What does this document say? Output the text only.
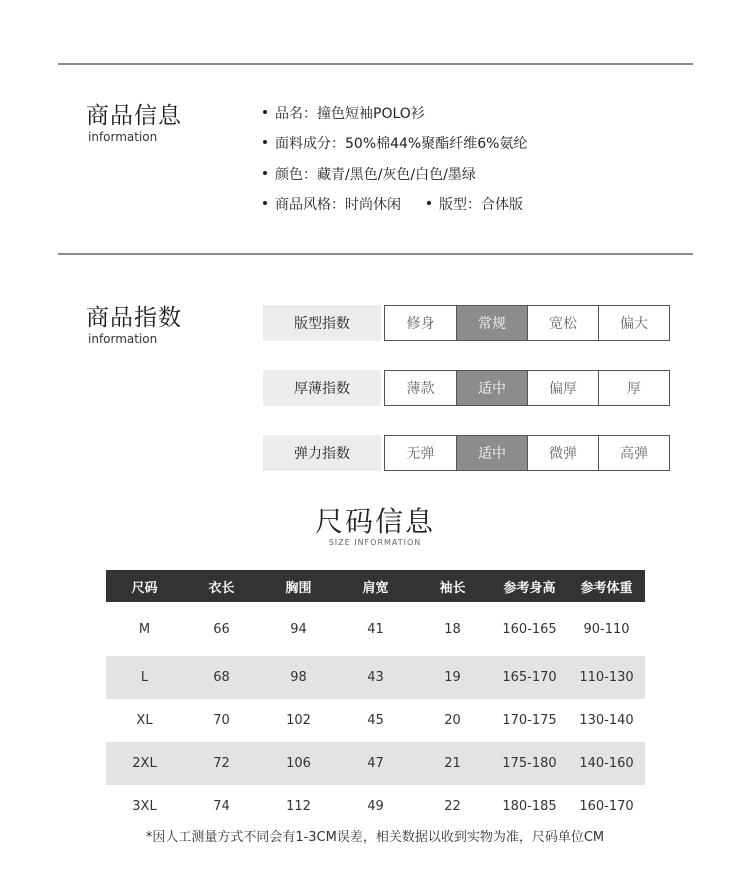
商品信息
information
品名：撞色短袖POLO衫
面料成分：50%棉44%聚酯纤维6%氨纶
颜色：藏青/黑色/灰色/白色/墨绿
商品风格：时尚休闲	版型：合体版
商品指数
information
版型指数	修身	常规	宽松	偏大
厚薄指数	薄款	适中	偏厚	厚
弹力指数	无弹	适中	微弹	高弹
尺码信息
SIZE INFORMATION
尺码	衣长	胸围	肩宽	袖长	参考身高	参考体重
M	66	94	41	18	160-165	90-110
L	68	98	43	19	165-170	110-130
XL	70	102	45	20	170-175	130-140
2XL	72	106	47	21	175-180	140-160
3XL	74	112	49	22	180-185	160-170
*因人工测量方式不同会有1-3CM误差，相关数据以收到实物为准，尺码单位CM
